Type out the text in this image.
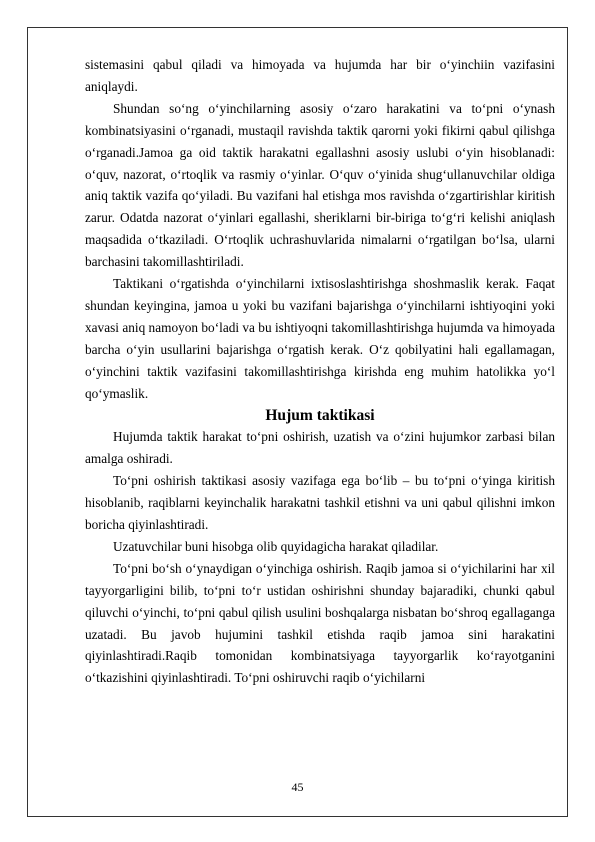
sistemasini qabul qiladi va himoyada va hujumda har bir o‘yinchiin vazifasini aniqlaydi.

Shundan so‘ng o‘yinchilarning asosiy o‘zaro harakatini va to‘pni o‘ynash kombinatsiyasini o‘rganadi, mustaqil ravishda taktik qarorni yoki fikirni qabul qilishga o‘rganadi.Jamoa ga oid taktik harakatni egallashni asosiy uslubi o‘yin hisoblanadi: o‘quv, nazorat, o‘rtoqlik va rasmiy o‘yinlar. O‘quv o‘yinida shug‘ullanuvchilar oldiga aniq taktik vazifa qo‘yiladi. Bu vazifani hal etishga mos ravishda o‘zgartirishlar kiritish zarur. Odatda nazorat o‘yinlari egallashi, sheriklarni bir-biriga to‘g‘ri kelishi aniqlash maqsadida o‘tkaziladi. O‘rtoqlik uchrashuvlarida nimalarni o‘rgatilgan bo‘lsa, ularni barchasini takomillashtiriladi.

Taktikani o‘rgatishda o‘yinchilarni ixtisoslashtirishga shoshmaslik kerak. Faqat shundan keyingina, jamoa u yoki bu vazifani bajarishga o‘yinchilarni ishtiyoqini yoki xavasi aniq namoyon bo‘ladi va bu ishtiyoqni takomillashtirishga hujumda va himoyada barcha o‘yin usullarini bajarishga o‘rgatish kerak. O‘z qobilyatini hali egallamagan, o‘yinchini taktik vazifasini takomillashtirishga kirishda eng muhim hatolikka yo‘l qo‘ymaslik.

Hujum taktikasi

Hujumda taktik harakat to‘pni oshirish, uzatish va o‘zini hujumkor zarbasi bilan amalga oshiradi.

To‘pni oshirish taktikasi asosiy vazifaga ega bo‘lib – bu to‘pni o‘yinga kiritish hisoblanib, raqiblarni keyinchalik harakatni tashkil etishni va uni qabul qilishni imkon boricha qiyinlashtiradi.

Uzatuvchilar buni hisobga olib quyidagicha harakat qiladilar.

To‘pni bo‘sh o‘ynaydigan o‘yinchiga oshirish. Raqib jamoa si o‘yichilarini har xil tayyorgarligini bilib, to‘pni to‘r ustidan oshirishni shunday bajaradiki, chunki qabul qiluvchi o‘yinchi, to‘pni qabul qilish usulini boshqalarga nisbatan bo‘shroq egallaganga uzatadi. Bu javob hujumini tashkil etishda raqib jamoa sini harakatini qiyinlashtiradi.Raqib tomonidan kombinatsiyaga tayyorgarlik ko‘rayotganini o‘tkazishini qiyinlashtiradi. To‘pni oshiruvchi raqib o‘yichilarni

45
